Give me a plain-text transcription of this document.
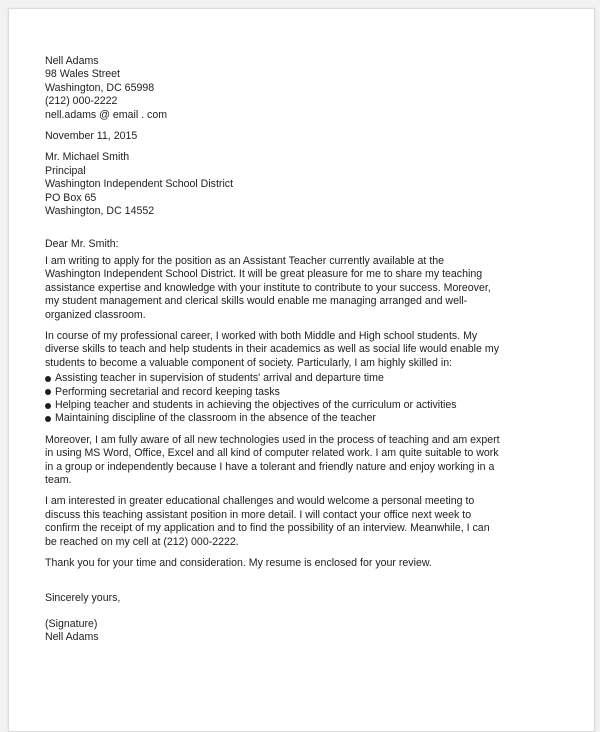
Nell Adams
98 Wales Street
Washington, DC 65998
(212) 000-2222
nell.adams @ email . com
November 11, 2015
Mr. Michael Smith
Principal
Washington Independent School District
PO Box 65
Washington, DC 14552
Dear Mr. Smith:
I am writing to apply for the position as an Assistant Teacher currently available at the
Washington Independent School District. It will be great pleasure for me to share my teaching
assistance expertise and knowledge with your institute to contribute to your success. Moreover,
my student management and clerical skills would enable me managing arranged and well-
organized classroom.
In course of my professional career, I worked with both Middle and High school students. My
diverse skills to teach and help students in their academics as well as social life would enable my
students to become a valuable component of society. Particularly, I am highly skilled in:
Assisting teacher in supervision of students' arrival and departure time
Performing secretarial and record keeping tasks
Helping teacher and students in achieving the objectives of the curriculum or activities
Maintaining discipline of the classroom in the absence of the teacher
Moreover, I am fully aware of all new technologies used in the process of teaching and am expert
in using MS Word, Office, Excel and all kind of computer related work. I am quite suitable to work
in a group or independently because I have a tolerant and friendly nature and enjoy working in a
team.
I am interested in greater educational challenges and would welcome a personal meeting to
discuss this teaching assistant position in more detail. I will contact your office next week to
confirm the receipt of my application and to find the possibility of an interview. Meanwhile, I can
be reached on my cell at (212) 000-2222.
Thank you for your time and consideration. My resume is enclosed for your review.
Sincerely yours,
(Signature)
Nell Adams
